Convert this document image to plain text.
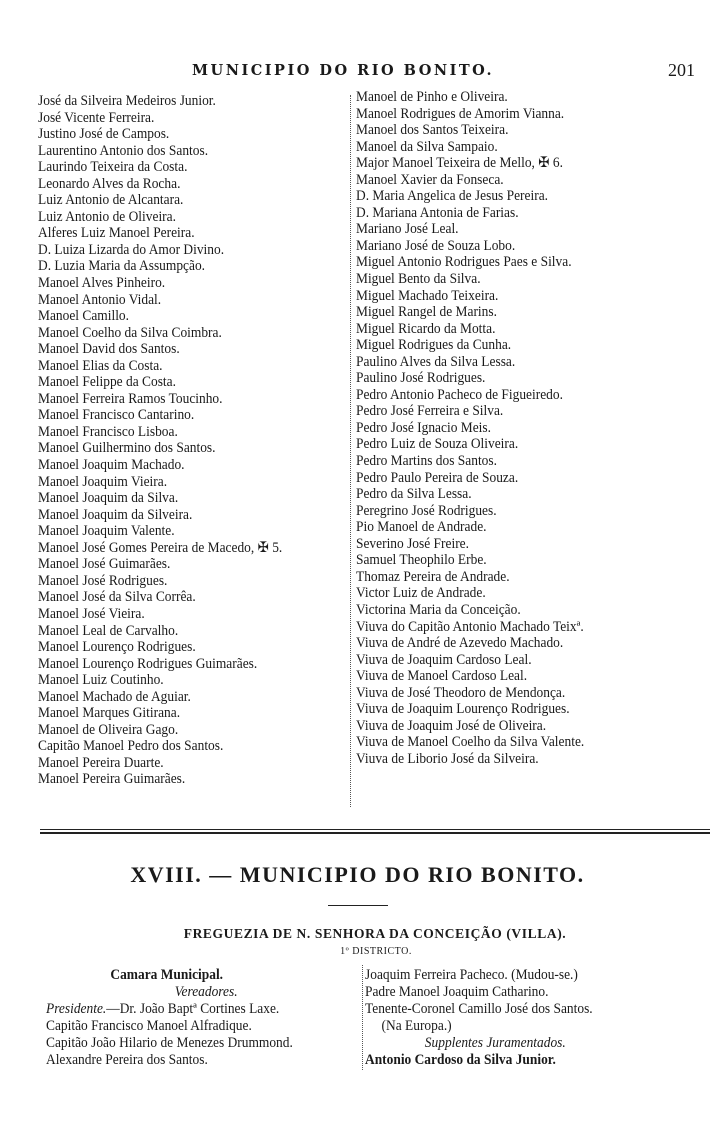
MUNICIPIO DO RIO BONITO.	201
José da Silveira Medeiros Junior.
José Vicente Ferreira.
Justino José de Campos.
Laurentino Antonio dos Santos.
Laurindo Teixeira da Costa.
Leonardo Alves da Rocha.
Luiz Antonio de Alcantara.
Luiz Antonio de Oliveira.
Alferes Luiz Manoel Pereira.
D. Luiza Lizarda do Amor Divino.
D. Luzia Maria da Assumpção.
Manoel Alves Pinheiro.
Manoel Antonio Vidal.
Manoel Camillo.
Manoel Coelho da Silva Coimbra.
Manoel David dos Santos.
Manoel Elias da Costa.
Manoel Felippe da Costa.
Manoel Ferreira Ramos Toucinho.
Manoel Francisco Cantarino.
Manoel Francisco Lisboa.
Manoel Guilhermino dos Santos.
Manoel Joaquim Machado.
Manoel Joaquim Vieira.
Manoel Joaquim da Silva.
Manoel Joaquim da Silveira.
Manoel Joaquim Valente.
Manoel José Gomes Pereira de Macedo, ✠ 5.
Manoel José Guimarães.
Manoel José Rodrigues.
Manoel José da Silva Corrêa.
Manoel José Vieira.
Manoel Leal de Carvalho.
Manoel Lourenço Rodrigues.
Manoel Lourenço Rodrigues Guimarães.
Manoel Luiz Coutinho.
Manoel Machado de Aguiar.
Manoel Marques Gitirana.
Manoel de Oliveira Gago.
Capitão Manoel Pedro dos Santos.
Manoel Pereira Duarte.
Manoel Pereira Guimarães.
Manoel de Pinho e Oliveira.
Manoel Rodrigues de Amorim Vianna.
Manoel dos Santos Teixeira.
Manoel da Silva Sampaio.
Major Manoel Teixeira de Mello, ✠ 6.
Manoel Xavier da Fonseca.
D. Maria Angelica de Jesus Pereira.
D. Mariana Antonia de Farias.
Mariano José Leal.
Mariano José de Souza Lobo.
Miguel Antonio Rodrigues Paes e Silva.
Miguel Bento da Silva.
Miguel Machado Teixeira.
Miguel Rangel de Marins.
Miguel Ricardo da Motta.
Miguel Rodrigues da Cunha.
Paulino Alves da Silva Lessa.
Paulino José Rodrigues.
Pedro Antonio Pacheco de Figueiredo.
Pedro José Ferreira e Silva.
Pedro José Ignacio Meis.
Pedro Luiz de Souza Oliveira.
Pedro Martins dos Santos.
Pedro Paulo Pereira de Souza.
Pedro da Silva Lessa.
Peregrino José Rodrigues.
Pio Manoel de Andrade.
Severino José Freire.
Samuel Theophilo Erbe.
Thomaz Pereira de Andrade.
Victor Luiz de Andrade.
Victorina Maria da Conceição.
Viuva do Capitão Antonio Machado Teixª.
Viuva de André de Azevedo Machado.
Viuva de Joaquim Cardoso Leal.
Viuva de Manoel Cardoso Leal.
Viuva de José Theodoro de Mendonça.
Viuva de Joaquim Lourenço Rodrigues.
Viuva de Joaquim José de Oliveira.
Viuva de Manoel Coelho da Silva Valente.
Viuva de Liborio José da Silveira.
XVIII. — MUNICIPIO DO RIO BONITO.
FREGUEZIA DE N. SENHORA DA CONCEIÇÃO (VILLA).
1º DISTRICTO.
Camara Municipal.
Vereadores.
Presidente.—Dr. João Baptª Cortines Laxe.
Capitão Francisco Manoel Alfradique.
Capitão João Hilario de Menezes Drummond.
Alexandre Pereira dos Santos.
Joaquim Ferreira Pacheco. (Mudou-se.)
Padre Manoel Joaquim Catharino.
Tenente-Coronel Camillo José dos Santos.
(Na Europa.)
Supplentes Juramentados.
Antonio Cardoso da Silva Junior.
